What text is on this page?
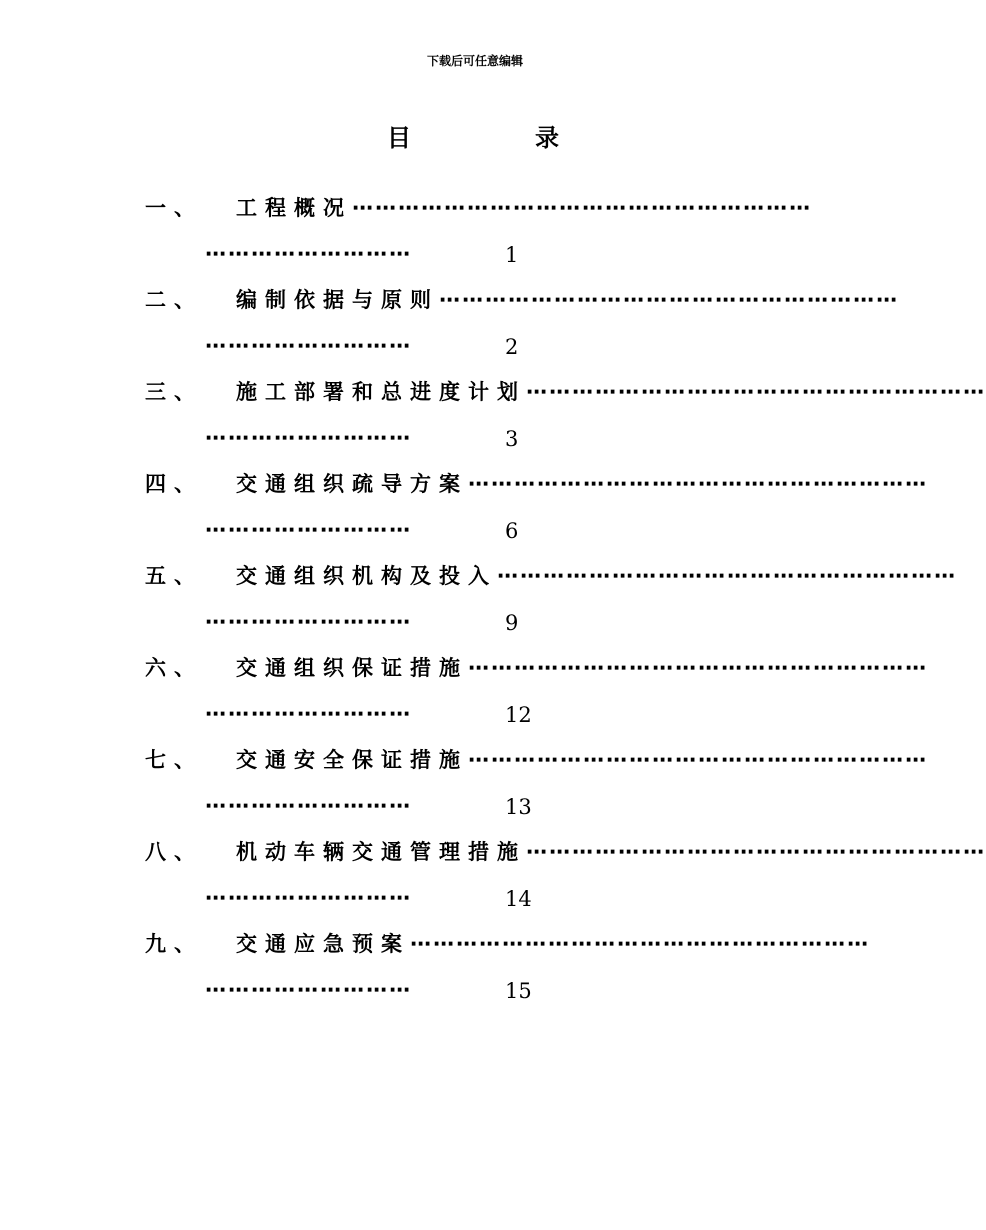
下载后可任意编辑
目	录
一、 工程概况⋯⋯⋯⋯⋯⋯⋯⋯⋯⋯⋯⋯⋯⋯⋯⋯⋯⋯⋯⋯
⋯⋯⋯⋯⋯⋯⋯⋯⋯	1
二、 编制依据与原则⋯⋯⋯⋯⋯⋯⋯⋯⋯⋯⋯⋯⋯⋯⋯⋯⋯⋯⋯⋯
⋯⋯⋯⋯⋯⋯⋯⋯⋯	2
三、 施工部署和总进度计划⋯⋯⋯⋯⋯⋯⋯⋯⋯⋯⋯⋯⋯⋯⋯⋯⋯⋯⋯⋯
⋯⋯⋯⋯⋯⋯⋯⋯⋯	3
四、 交通组织疏导方案⋯⋯⋯⋯⋯⋯⋯⋯⋯⋯⋯⋯⋯⋯⋯⋯⋯⋯⋯⋯
⋯⋯⋯⋯⋯⋯⋯⋯⋯	6
五、 交通组织机构及投入⋯⋯⋯⋯⋯⋯⋯⋯⋯⋯⋯⋯⋯⋯⋯⋯⋯⋯⋯⋯
⋯⋯⋯⋯⋯⋯⋯⋯⋯	9
六、 交通组织保证措施⋯⋯⋯⋯⋯⋯⋯⋯⋯⋯⋯⋯⋯⋯⋯⋯⋯⋯⋯⋯
⋯⋯⋯⋯⋯⋯⋯⋯⋯	12
七、 交通安全保证措施⋯⋯⋯⋯⋯⋯⋯⋯⋯⋯⋯⋯⋯⋯⋯⋯⋯⋯⋯⋯
⋯⋯⋯⋯⋯⋯⋯⋯⋯	13
八、 机动车辆交通管理措施⋯⋯⋯⋯⋯⋯⋯⋯⋯⋯⋯⋯⋯⋯⋯⋯⋯⋯⋯⋯
⋯⋯⋯⋯⋯⋯⋯⋯⋯	14
九、 交通应急预案⋯⋯⋯⋯⋯⋯⋯⋯⋯⋯⋯⋯⋯⋯⋯⋯⋯⋯⋯⋯
⋯⋯⋯⋯⋯⋯⋯⋯⋯	15
